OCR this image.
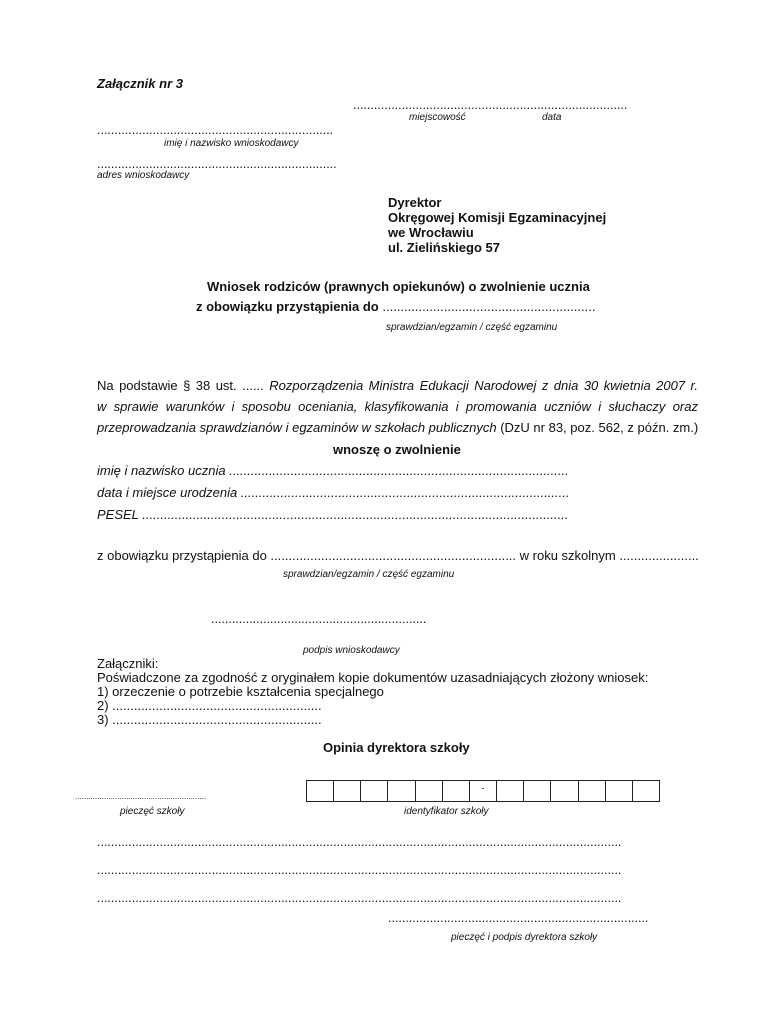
Załącznik nr 3
...............................................................................
miejscowość	data
....................................................................
imię i nazwisko wnioskodawcy
.....................................................................
adres wnioskodawcy
Dyrektor
Okręgowej Komisji Egzaminacyjnej
we Wrocławiu
ul. Zielińskiego 57
Wniosek rodziców (prawnych opiekunów) o zwolnienie ucznia
z obowiązku przystąpienia do ...........................................................
sprawdzian/egzamin / część egzaminu
Na podstawie § 38 ust. ...... Rozporządzenia Ministra Edukacji Narodowej z dnia 30 kwietnia 2007 r.
w sprawie warunków i sposobu oceniania, klasyfikowania i promowania uczniów i słuchaczy oraz
przeprowadzania sprawdzianów i egzaminów w szkołach publicznych (DzU nr 83, poz. 562, z późn. zm.)
wnoszę o zwolnienie
imię i nazwisko ucznia ..............................................................................................
data i miejsce urodzenia ...........................................................................................
PESEL ......................................................................................................................
z obowiązku przystąpienia do .................................................................... w roku szkolnym ......................
sprawdzian/egzamin / część egzaminu
..............................................................
podpis wnioskodawcy
Załączniki:
Poświadczone za zgodność z oryginałem kopie dokumentów uzasadniających złożony wniosek:
1) orzeczenie o potrzebie kształcenia specjalnego
2) ..........................................................
3) ..........................................................
Opinia dyrektora szkoły
...........................................................
pieczęć szkoły
-
identyfikator szkoły
.......................................................................................................................................................
.......................................................................................................................................................
.......................................................................................................................................................
...........................................................................
pieczęć i podpis dyrektora szkoły
